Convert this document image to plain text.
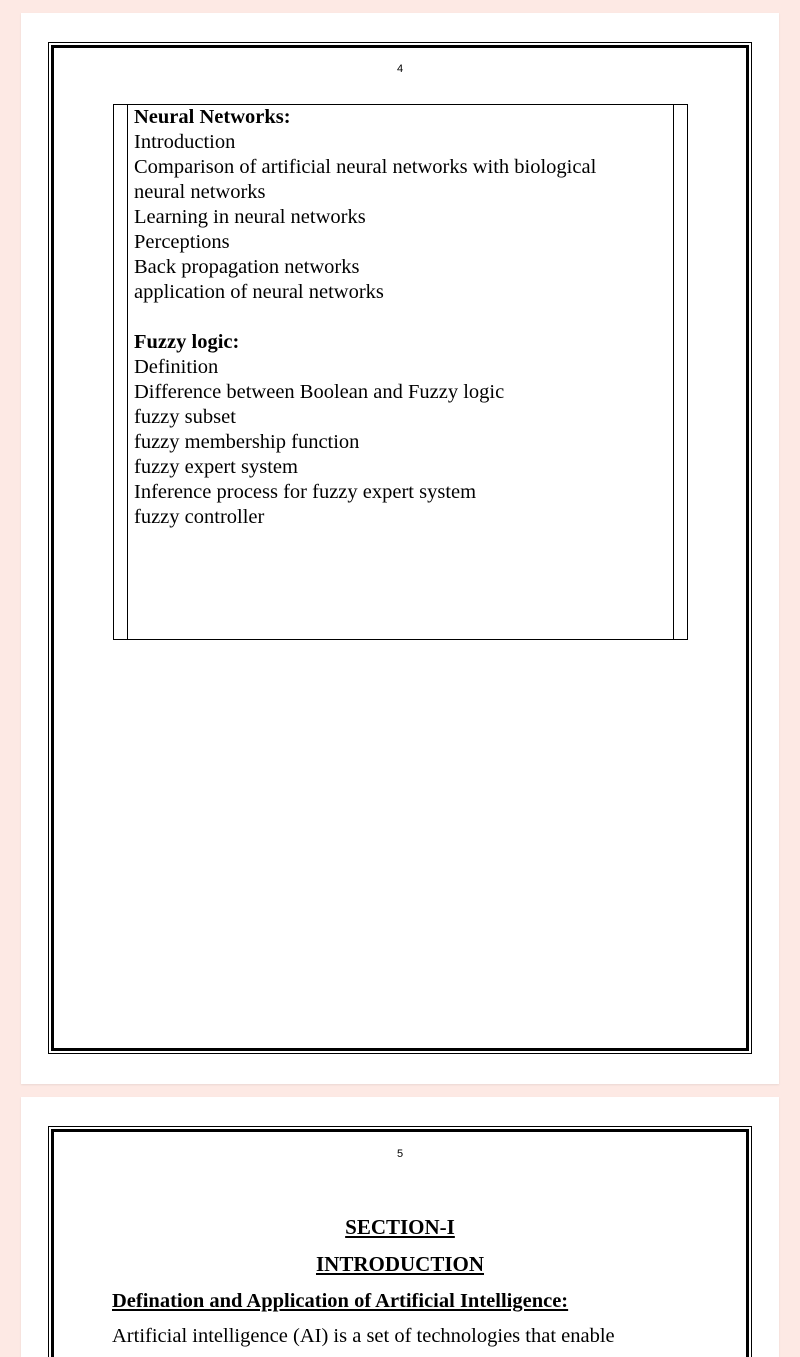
4
Neural Networks:
Introduction
Comparison of artificial neural networks with biological
neural networks
Learning in neural networks
Perceptions
Back propagation networks
application of neural networks
Fuzzy logic:
Definition
Difference between Boolean and Fuzzy logic
fuzzy subset
fuzzy membership function
fuzzy expert system
Inference process for fuzzy expert system
fuzzy controller
5
SECTION-I
INTRODUCTION
Defination and Application of Artificial Intelligence:
Artificial intelligence (AI) is a set of technologies that enable
